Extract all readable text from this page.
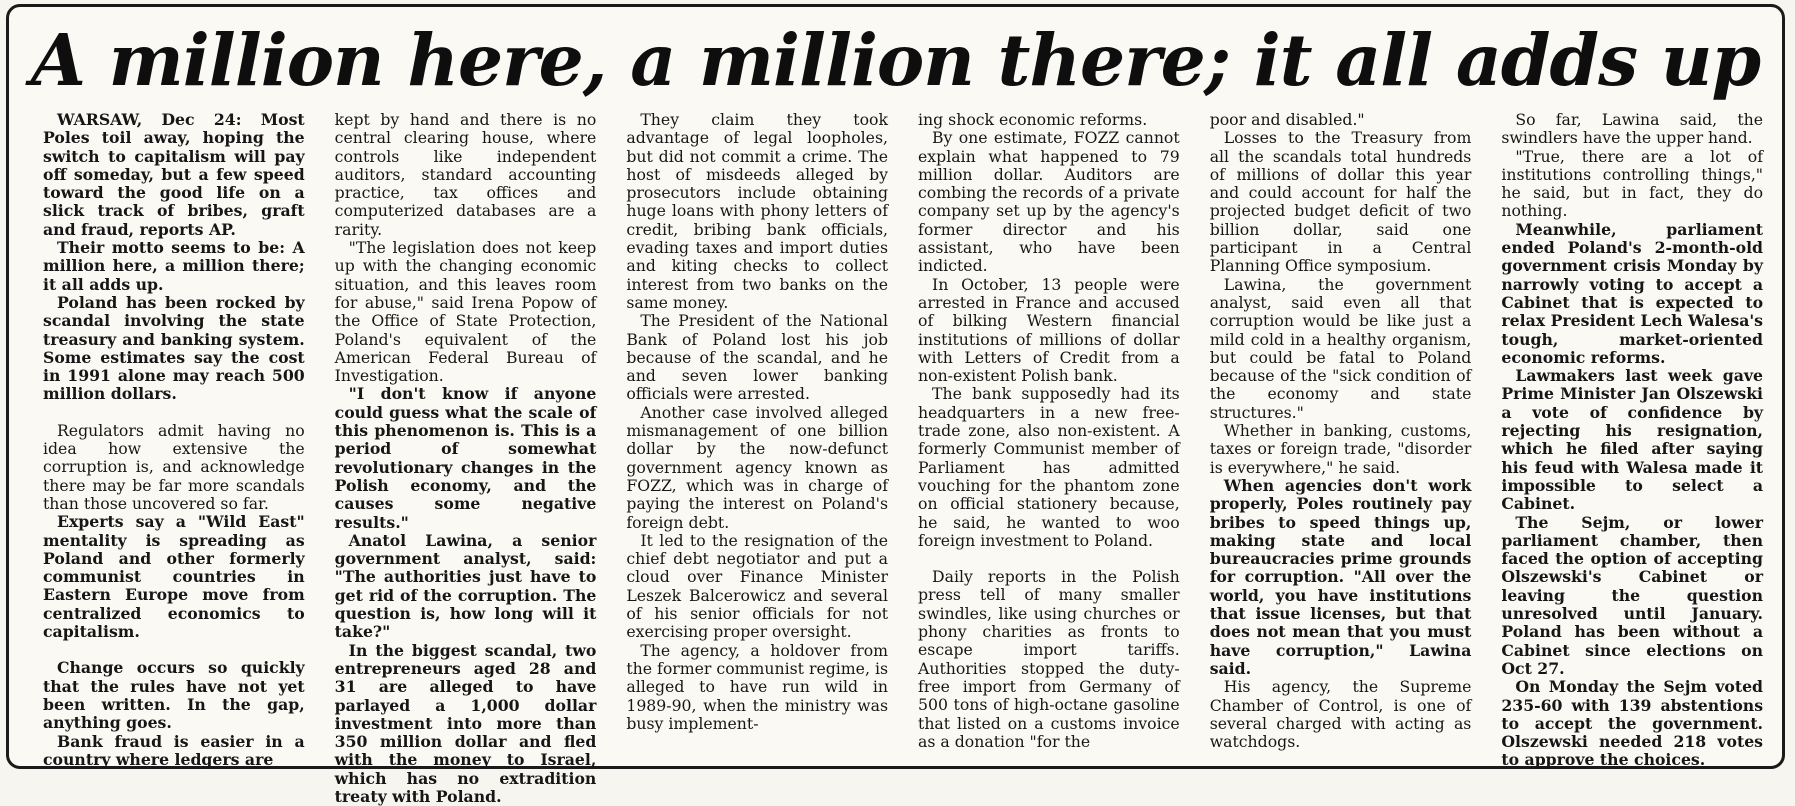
A million here, a million there; it all adds up

WARSAW, Dec 24: Most Poles toil away, hoping the switch to capitalism will pay off someday, but a few speed toward the good life on a slick track of bribes, graft and fraud, reports AP.

Their motto seems to be: A million here, a million there; it all adds up.

Poland has been rocked by scandal involving the state treasury and banking system. Some estimates say the cost in 1991 alone may reach 500 million dollars.

Regulators admit having no idea how extensive the corruption is, and acknowledge there may be far more scandals than those uncovered so far.

Experts say a "Wild East" mentality is spreading as Poland and other formerly communist countries in Eastern Europe move from centralized economics to capitalism.

Change occurs so quickly that the rules have not yet been written. In the gap, anything goes.

Bank fraud is easier in a country where ledgers are

kept by hand and there is no central clearing house, where controls like independent auditors, standard accounting practice, tax offices and computerized databases are a rarity.

"The legislation does not keep up with the changing economic situation, and this leaves room for abuse," said Irena Popow of the Office of State Protection, Poland's equivalent of the American Federal Bureau of Investigation.

"I don't know if anyone could guess what the scale of this phenomenon is. This is a period of somewhat revolutionary changes in the Polish economy, and the causes some negative results."

Anatol Lawina, a senior government analyst, said: "The authorities just have to get rid of the corruption. The question is, how long will it take?"

In the biggest scandal, two entrepreneurs aged 28 and 31 are alleged to have parlayed a 1,000 dollar investment into more than 350 million dollar and fled with the money to Israel, which has no extradition treaty with Poland.

They claim they took advantage of legal loopholes, but did not commit a crime. The host of misdeeds alleged by prosecutors include obtaining huge loans with phony letters of credit, bribing bank officials, evading taxes and import duties and kiting checks to collect interest from two banks on the same money.

The President of the National Bank of Poland lost his job because of the scandal, and he and seven lower banking officials were arrested.

Another case involved alleged mismanagement of one billion dollar by the now-defunct government agency known as FOZZ, which was in charge of paying the interest on Poland's foreign debt.

It led to the resignation of the chief debt negotiator and put a cloud over Finance Minister Leszek Balcerowicz and several of his senior officials for not exercising proper oversight.

The agency, a holdover from the former communist regime, is alleged to have run wild in 1989-90, when the ministry was busy implement-

ing shock economic reforms.

By one estimate, FOZZ cannot explain what happened to 79 million dollar. Auditors are combing the records of a private company set up by the agency's former director and his assistant, who have been indicted.

In October, 13 people were arrested in France and accused of bilking Western financial institutions of millions of dollar with Letters of Credit from a non-existent Polish bank.

The bank supposedly had its headquarters in a new free-trade zone, also non-existent. A formerly Communist member of Parliament has admitted vouching for the phantom zone on official stationery because, he said, he wanted to woo foreign investment to Poland.

Daily reports in the Polish press tell of many smaller swindles, like using churches or phony charities as fronts to escape import tariffs. Authorities stopped the duty-free import from Germany of 500 tons of high-octane gasoline that listed on a customs invoice as a donation "for the

poor and disabled."

Losses to the Treasury from all the scandals total hundreds of millions of dollar this year and could account for half the projected budget deficit of two billion dollar, said one participant in a Central Planning Office symposium.

Lawina, the government analyst, said even all that corruption would be like just a mild cold in a healthy organism, but could be fatal to Poland because of the "sick condition of the economy and state structures."

Whether in banking, customs, taxes or foreign trade, "disorder is everywhere," he said.

When agencies don't work properly, Poles routinely pay bribes to speed things up, making state and local bureaucracies prime grounds for corruption. "All over the world, you have institutions that issue licenses, but that does not mean that you must have corruption," Lawina said.

His agency, the Supreme Chamber of Control, is one of several charged with acting as watchdogs.

So far, Lawina said, the swindlers have the upper hand.

"True, there are a lot of institutions controlling things," he said, but in fact, they do nothing.

Meanwhile, parliament ended Poland's 2-month-old government crisis Monday by narrowly voting to accept a Cabinet that is expected to relax President Lech Walesa's tough, market-oriented economic reforms.

Lawmakers last week gave Prime Minister Jan Olszewski a vote of confidence by rejecting his resignation, which he filed after saying his feud with Walesa made it impossible to select a Cabinet.

The Sejm, or lower parliament chamber, then faced the option of accepting Olszewski's Cabinet or leaving the question unresolved until January. Poland has been without a Cabinet since elections on Oct 27.

On Monday the Sejm voted 235-60 with 139 abstentions to accept the government. Olszewski needed 218 votes to approve the choices.
